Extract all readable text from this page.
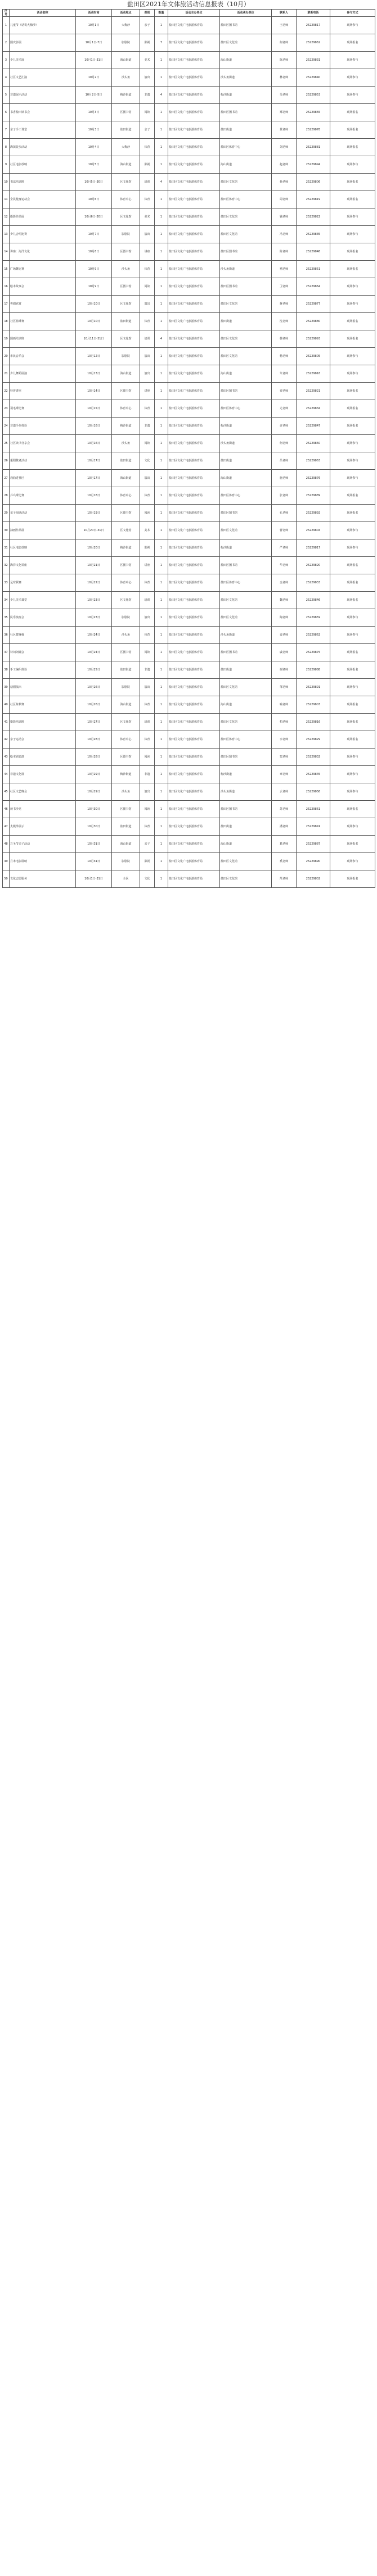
盐田区2021年文体旅活动信息报表（10月）
序号	活动名称	活动时间	活动地点	类别	数量	活动主办单位	活动承办单位	联系人	联系电话	参与方式
1	儿童节（话说大梅沙）	10月1日	大梅沙	亲子	1	盐田区文化广电旅游体育局	盐田区图书馆	王老师	25229817	现场参与
2	国庆影展	10月1日-7日	影剧院	影视	7	盐田区文化广电旅游体育局	盐田区文化馆	何老师	25229862	现场报名
3	少儿美术展	10月1日-31日	海山街道	美术	1	盐田区文化广电旅游体育局	海山街道	陈老师	25229831	现场参与
4	社区文艺汇演	10月2日	沙头角	演出	1	盐田区文化广电旅游体育局	沙头角街道	林老师	25229840	现场参与
5	非遗展示活动	10月2日-5日	梅沙街道	非遗	4	盐田区文化广电旅游体育局	梅沙街道	吴老师	25229853	现场参与
6	书香盐田读书会	10月3日	区图书馆	阅读	1	盐田区文化广电旅游体育局	盐田区图书馆	郑老师	25229865	现场报名
7	亲子手工课堂	10月3日	盐田街道	亲子	1	盐田区文化广电旅游体育局	盐田街道	黄老师	25229878	现场报名
8	海滨徒步活动	10月4日	大梅沙	体育	1	盐田区文化广电旅游体育局	盐田区体育中心	刘老师	25229881	现场报名
9	社区电影放映	10月5日	海山街道	影视	1	盐田区文化广电旅游体育局	海山街道	赵老师	25229894	现场参与
10	书法培训班	10月5日-30日	区文化馆	培训	4	盐田区文化广电旅游体育局	盐田区文化馆	孙老师	25229806	现场报名
11	全民健身运动会	10月6日	体育中心	体育	1	盐田区文化广电旅游体育局	盐田区体育中心	周老师	25229819	现场报名
12	摄影作品展	10月6日-20日	区文化馆	美术	1	盐田区文化广电旅游体育局	盐田区文化馆	钱老师	25229822	现场参与
13	少儿合唱比赛	10月7日	影剧院	演出	1	盐田区文化广电旅游体育局	盐田区文化馆	冯老师	25229835	现场参与
14	讲座：海洋文化	10月8日	区图书馆	讲座	1	盐田区文化广电旅游体育局	盐田区图书馆	陈老师	25229848	现场报名
15	广场舞比赛	10月9日	沙头角	体育	1	盐田区文化广电旅游体育局	沙头角街道	褚老师	25229851	现场报名
16	绘本故事会	10月9日	区图书馆	阅读	1	盐田区文化广电旅游体育局	盐田区图书馆	卫老师	25229864	现场参与
17	粤剧欣赏	10月10日	区文化馆	演出	1	盐田区文化广电旅游体育局	盐田区文化馆	蒋老师	25229877	现场参与
18	社区篮球赛	10月10日	盐田街道	体育	1	盐田区文化广电旅游体育局	盐田街道	沈老师	25229880	现场报名
19	国画培训班	10月11日-31日	区文化馆	培训	4	盐田区文化广电旅游体育局	盐田区文化馆	韩老师	25229893	现场报名
20	市民音乐会	10月12日	影剧院	演出	1	盐田区文化广电旅游体育局	盐田区文化馆	杨老师	25229805	现场参与
21	少儿舞蹈展演	10月13日	海山街道	演出	1	盐田区文化广电旅游体育局	海山街道	朱老师	25229818	现场参与
22	科普讲座	10月14日	区图书馆	讲座	1	盐田区文化广电旅游体育局	盐田区图书馆	秦老师	25229821	现场报名
23	羽毛球比赛	10月15日	体育中心	体育	1	盐田区文化广电旅游体育局	盐田区体育中心	尤老师	25229834	现场报名
24	非遗手作体验	10月16日	梅沙街道	非遗	1	盐田区文化广电旅游体育局	梅沙街道	许老师	25229847	现场报名
25	社区读书分享会	10月16日	沙头角	阅读	1	盐田区文化广电旅游体育局	沙头角街道	何老师	25229850	现场参与
26	重阳敬老活动	10月17日	盐田街道	文化	1	盐田区文化广电旅游体育局	盐田街道	吕老师	25229863	现场参与
27	戏曲进社区	10月17日	海山街道	演出	1	盐田区文化广电旅游体育局	海山街道	施老师	25229876	现场参与
28	乒乓球比赛	10月18日	体育中心	体育	1	盐田区文化广电旅游体育局	盐田区体育中心	张老师	25229889	现场报名
29	亲子阅读活动	10月19日	区图书馆	阅读	1	盐田区文化广电旅游体育局	盐田区图书馆	孔老师	25229892	现场报名
30	油画作品展	10月20日-31日	区文化馆	美术	1	盐田区文化广电旅游体育局	盐田区文化馆	曹老师	25229804	现场参与
31	社区电影放映	10月20日	梅沙街道	影视	1	盐田区文化广电旅游体育局	梅沙街道	严老师	25229817	现场参与
32	海洋文化讲座	10月21日	区图书馆	讲座	1	盐田区文化广电旅游体育局	盐田区图书馆	华老师	25229820	现场报名
33	足球联赛	10月22日	体育中心	体育	1	盐田区文化广电旅游体育局	盐田区体育中心	金老师	25229833	现场报名
34	少儿美术课堂	10月23日	区文化馆	培训	1	盐田区文化广电旅游体育局	盐田区文化馆	魏老师	25229846	现场报名
35	民乐演奏会	10月23日	影剧院	演出	1	盐田区文化广电旅游体育局	盐田区文化馆	陶老师	25229859	现场参与
36	社区健身操	10月24日	沙头角	体育	1	盐田区文化广电旅游体育局	沙头角街道	姜老师	25229862	现场参与
37	诗词朗诵会	10月24日	区图书馆	阅读	1	盐田区文化广电旅游体育局	盐田区图书馆	戚老师	25229875	现场报名
38	手工编织体验	10月25日	盐田街道	非遗	1	盐田区文化广电旅游体育局	盐田街道	谢老师	25229888	现场报名
39	话剧演出	10月26日	影剧院	演出	1	盐田区文化广电旅游体育局	盐田区文化馆	邹老师	25229891	现场参与
40	社区象棋赛	10月26日	海山街道	体育	1	盐田区文化广电旅游体育局	海山街道	喻老师	25229803	现场报名
41	摄影培训班	10月27日	区文化馆	培训	1	盐田区文化广电旅游体育局	盐田区文化馆	柏老师	25229816	现场报名
42	亲子运动会	10月28日	体育中心	体育	1	盐田区文化广电旅游体育局	盐田区体育中心	水老师	25229829	现场报名
43	绘本剧表演	10月28日	区图书馆	阅读	1	盐田区文化广电旅游体育局	盐田区图书馆	窦老师	25229832	现场参与
44	非遗文化展	10月29日	梅沙街道	非遗	1	盐田区文化广电旅游体育局	梅沙街道	章老师	25229845	现场参与
45	社区文艺晚会	10月29日	沙头角	演出	1	盐田区文化广电旅游体育局	沙头角街道	云老师	25229858	现场参与
46	读书沙龙	10月30日	区图书馆	阅读	1	盐田区文化广电旅游体育局	盐田区图书馆	苏老师	25229861	现场报名
47	太极拳展示	10月30日	盐田街道	体育	1	盐田区文化广电旅游体育局	盐田街道	潘老师	25229874	现场参与
48	万圣节亲子活动	10月31日	海山街道	亲子	1	盐田区文化广电旅游体育局	海山街道	葛老师	25229887	现场报名
49	月末电影展映	10月31日	影剧院	影视	1	盐田区文化广电旅游体育局	盐田区文化馆	奚老师	25229890	现场参与
50	文化志愿服务	10月1日-31日	全区	文化	1	盐田区文化广电旅游体育局	盐田区文化馆	范老师	25229802	现场报名
